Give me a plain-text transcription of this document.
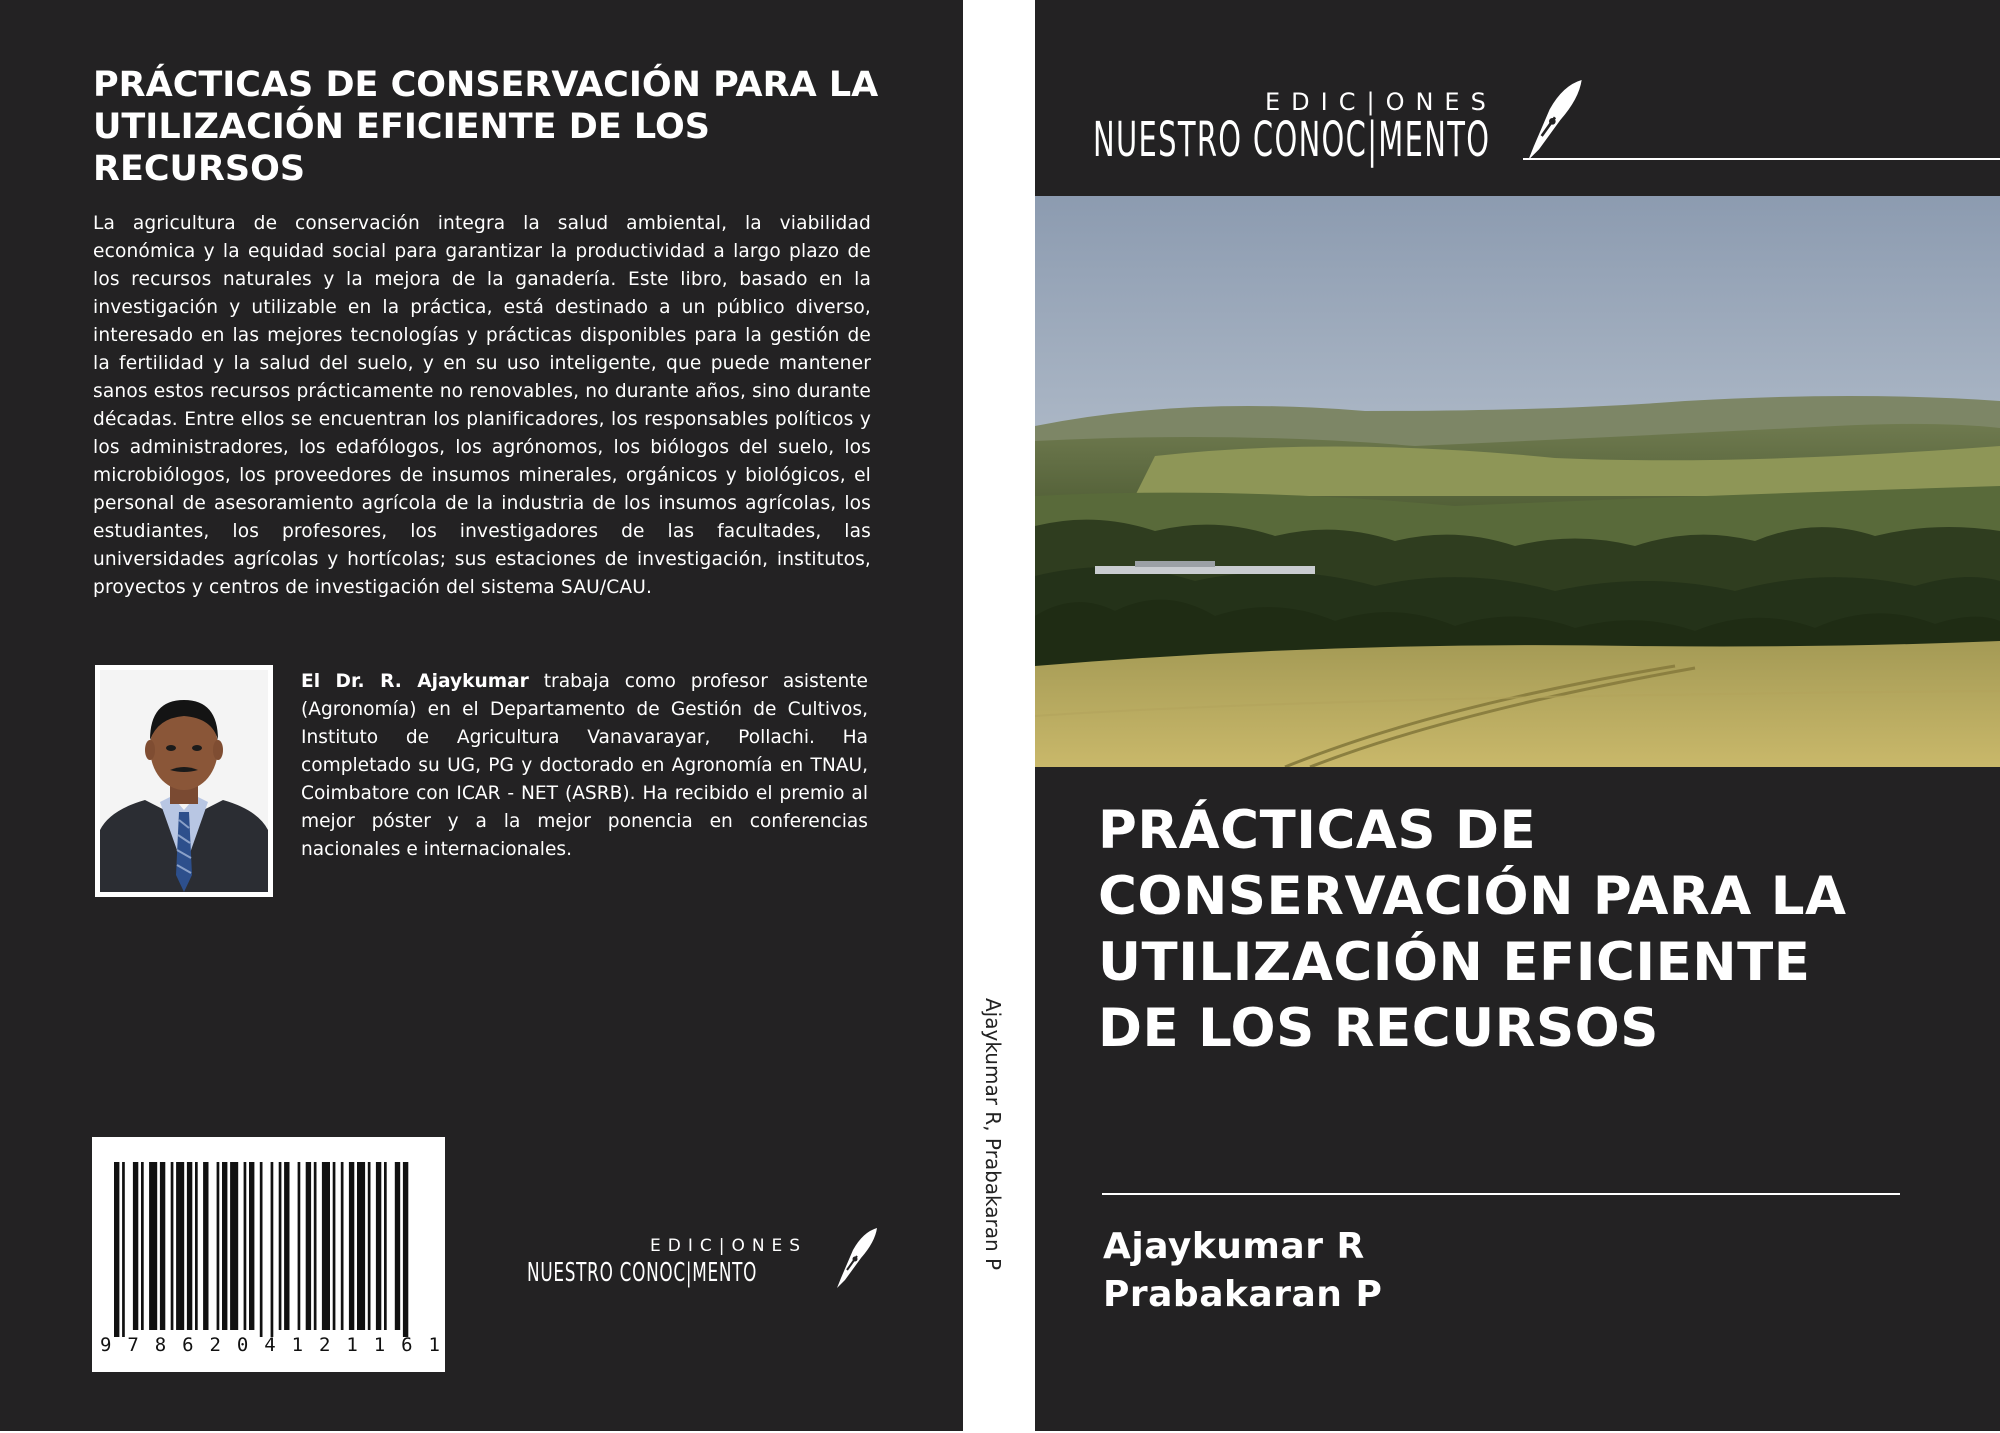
PRÁCTICAS DE CONSERVACIÓN PARA LA UTILIZACIÓN EFICIENTE DE LOS RECURSOS

La agricultura de conservación integra la salud ambiental, la viabilidad económica y la equidad social para garantizar la productividad a largo plazo de los recursos naturales y la mejora de la ganadería. Este libro, basado en la investigación y utilizable en la práctica, está destinado a un público diverso, interesado en las mejores tecnologías y prácticas disponibles para la gestión de la fertilidad y la salud del suelo, y en su uso inteligente, que puede mantener sanos estos recursos prácticamente no renovables, no durante años, sino durante décadas. Entre ellos se encuentran los planificadores, los responsables políticos y los administradores, los edafólogos, los agrónomos, los biólogos del suelo, los microbiólogos, los proveedores de insumos minerales, orgánicos y biológicos, el personal de asesoramiento agrícola de la industria de los insumos agrícolas, los estudiantes, los profesores, los investigadores de las facultades, las universidades agrícolas y hortícolas; sus estaciones de investigación, institutos, proyectos y centros de investigación del sistema SAU/CAU.

El Dr. R. Ajaykumar trabaja como profesor asistente (Agronomía) en el Departamento de Gestión de Cultivos, Instituto de Agricultura Vanavarayar, Pollachi. Ha completado su UG, PG y doctorado en Agronomía en TNAU, Coimbatore con ICAR - NET (ASRB). Ha recibido el premio al mejor póster y a la mejor ponencia en conferencias nacionales e internacionales.

9 7 8 6 2 0 4 1 2 1 1 6 1
EDIC|ONES
NUESTRO CONOC|MENTO
Ajaykumar R, Prabakaran P
EDIC|ONES
NUESTRO CONOC|MENTO
PRÁCTICAS DE
CONSERVACIÓN PARA LA
UTILIZACIÓN EFICIENTE
DE LOS RECURSOS
Ajaykumar R
Prabakaran P
